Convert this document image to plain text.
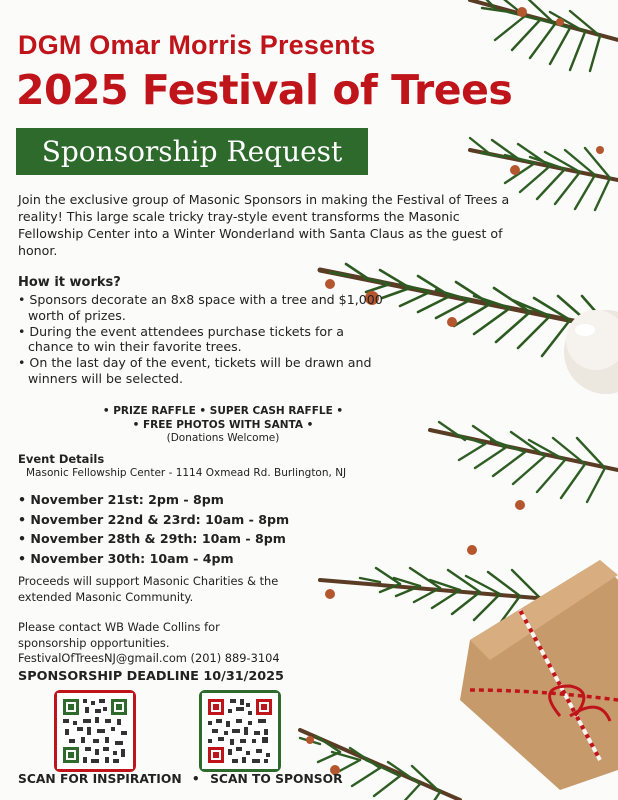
DGM Omar Morris Presents
2025 Festival of Trees
Sponsorship Request
Join the exclusive group of Masonic Sponsors in making the Festival of Trees a reality! This large scale tricky tray-style event transforms the Masonic Fellowship Center into a Winter Wonderland with Santa Claus as the guest of honor.
How it works?
• Sponsors decorate an 8x8 space with a tree and $1,000 worth of prizes.
• During the event attendees purchase tickets for a chance to win their favorite trees.
• On the last day of the event, tickets will be drawn and winners will be selected.
• PRIZE RAFFLE • SUPER CASH RAFFLE •
• FREE PHOTOS WITH SANTA •
(Donations Welcome)
Event Details
Masonic Fellowship Center - 1114 Oxmead Rd. Burlington, NJ
• November 21st: 2pm - 8pm
• November 22nd & 23rd: 10am - 8pm
• November 28th & 29th: 10am - 8pm
• November 30th: 10am - 4pm
Proceeds will support Masonic Charities & the extended Masonic Community.
Please contact WB Wade Collins for
sponsorship opportunities.
FestivalOfTreesNJ@gmail.com (201) 889-3104
SPONSORSHIP DEADLINE 10/31/2025
SCAN FOR INSPIRATION • SCAN TO SPONSOR
